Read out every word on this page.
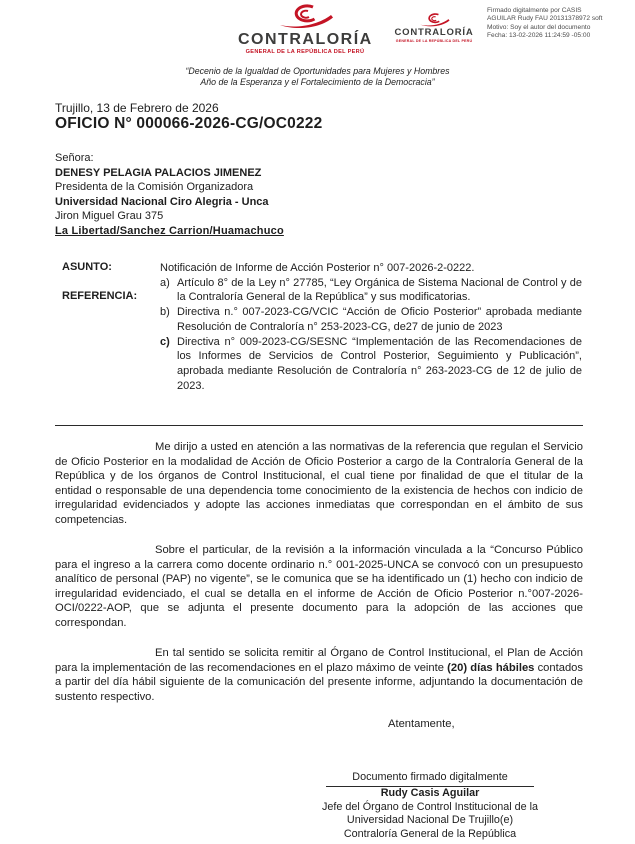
CONTRALORÍA
GENERAL DE LA REPÚBLICA DEL PERÚ
CONTRALORÍA
GENERAL DE LA REPÚBLICA DEL PERÚ
Firmado digitalmente por CASIS
AGUILAR Rudy FAU 20131378972 soft
Motivo: Soy el autor del documento
Fecha: 13-02-2026 11:24:59 -05:00
“Decenio de la Igualdad de Oportunidades para Mujeres y Hombres
Año de la Esperanza y el Fortalecimiento de la Democracia”
Trujillo, 13 de Febrero de 2026
OFICIO N° 000066-2026-CG/OC0222
Señora:
DENESY PELAGIA PALACIOS JIMENEZ
Presidenta de la Comisión Organizadora
Universidad Nacional Ciro Alegria - Unca
Jiron Miguel Grau 375
La Libertad/Sanchez Carrion/Huamachuco
ASUNTO:
REFERENCIA:
Notificación de Informe de Acción Posterior n° 007-2026-2-0222.
a) Artículo 8° de la Ley n° 27785, “Ley Orgánica de Sistema Nacional de Control y de la Contraloría General de la República” y sus modificatorias.
b) Directiva n.° 007-2023-CG/VCIC “Acción de Oficio Posterior” aprobada mediante Resolución de Contraloría n° 253-2023-CG, de27 de junio de 2023
c) Directiva n° 009-2023-CG/SESNC “Implementación de las Recomendaciones de los Informes de Servicios de Control Posterior, Seguimiento y Publicación”, aprobada mediante Resolución de Contraloría n° 263-2023-CG de 12 de julio de 2023.

Me dirijo a usted en atención a las normativas de la referencia que regulan el Servicio de Oficio Posterior en la modalidad de Acción de Oficio Posterior a cargo de la Contraloría General de la República y de los órganos de Control Institucional, el cual tiene por finalidad de que el titular de la entidad o responsable de una dependencia tome conocimiento de la existencia de hechos con indicio de irregularidad evidenciados y adopte las acciones inmediatas que correspondan en el ámbito de sus competencias.

Sobre el particular, de la revisión a la información vinculada a la “Concurso Público para el ingreso a la carrera como docente ordinario n.° 001-2025-UNCA se convocó con un presupuesto analítico de personal (PAP) no vigente”, se le comunica que se ha identificado un (1) hecho con indicio de irregularidad evidenciado, el cual se detalla en el informe de Acción de Oficio Posterior n.°007-2026-OCI/0222-AOP, que se adjunta el presente documento para la adopción de las acciones que correspondan.

En tal sentido se solicita remitir al Órgano de Control Institucional, el Plan de Acción para la implementación de las recomendaciones en el plazo máximo de veinte (20) días hábiles contados a partir del día hábil siguiente de la comunicación del presente informe, adjuntando la documentación de sustento respectivo.

Atentamente,
Documento firmado digitalmente
Rudy Casis Aguilar
Jefe del Órgano de Control Institucional de la
Universidad Nacional De Trujillo(e)
Contraloría General de la República
